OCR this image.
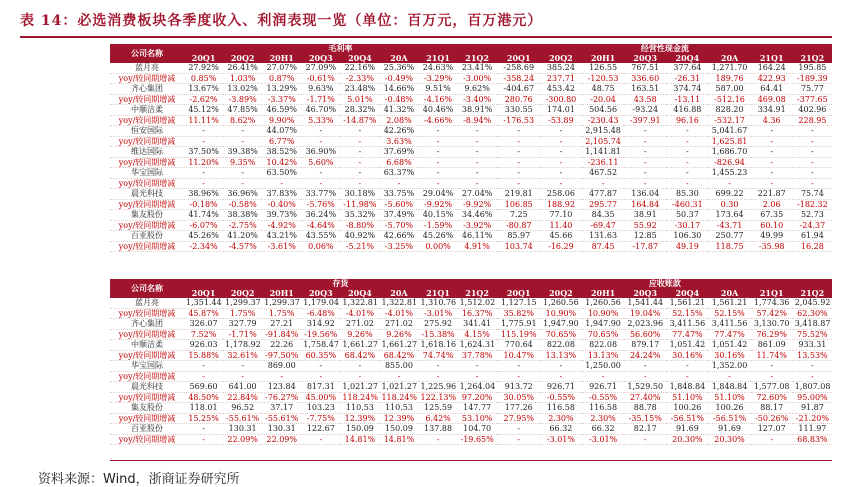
表 14：必选消费板块各季度收入、利润表现一览（单位：百万元，百万港元）
公司名称	毛利率								经营性现金流							
	20Q1	20Q2	20H1	20Q3	20Q4	20A	21Q1	21Q2	20Q1	20Q2	20H1	20Q3	20Q4	20A	21Q1	21Q2
蓝月亮	27.92%	26.41%	27.07%	27.09%	22.16%	25.36%	24.63%	23.41%		-258.69	385.24	126.55	767.51	377.64	1,271.70	164.24	195.85
yoy/较同期增减	0.85%	1.03%	0.87%	-0.61%	-2.33%	-0.49%	-3.29%	-3.00%		-358.24	237.71	-120.53	336.60	-26.31	189.76	422.93	-189.39
齐心集团	13.67%	13.02%	13.29%	9.63%	23.48%	14.66%	9.51%	9.62%		-404.67	453.42	48.75	163.51	374.74	587.00	64.41	75.77
yoy/较同期增减	-2.62%	-3.89%	-3.37%	-1.71%	5.01%	-0.48%	-4.16%	-3.40%		280.76	-300.80	-20.04	43.58	-13.11	-512.16	469.08	-377.65
中顺洁柔	45.12%	47.85%	46.59%	46.70%	28.32%	41.32%	40.46%	38.91%		330.55	174.01	504.56	-93.24	416.88	828.20	334.91	402.96
yoy/较同期增减	11.11%	8.62%	9.90%	5.33%	-14.87%	2.08%	-4.66%	-8.94%		-176.53	-53.89	-230.43	-397.91	96.16	-532.17	4.36	228.95
恒安国际	-	-	44.07%	-	-	42.26%	-	-		-	-	2,915.48	-	-	5,041.67	-	-
yoy/较同期增减	-	-	6.77%	-	-	3.63%	-	-		-	-	2,105.74	-	-	1,625.81	-	-
维达国际	37.50%	39.38%	38.52%	36.90%	-	37.69%	-	-		-	-	1,141.81	-	-	1,686.70	-	-
yoy/较同期增减	11.20%	9.35%	10.42%	5.60%	-	6.68%	-	-		-	-	-236.11	-	-	-826.94	-	-
华宝国际	-	-	63.50%	-	-	63.37%	-	-		-	-	467.52	-	-	1,455.23	-	-
yoy/较同期增减	-	-	-	-	-	-	-	-		-	-	-	-	-	-	-	-
晨光科技	38.96%	36.96%	37.83%	33.77%	30.18%	33.75%	29.04%	27.04%		219.81	258.06	477.87	136.04	85.30	699.22	221.87	75.74
yoy/较同期增减	-0.18%	-0.58%	-0.40%	-5.76%	-11.98%	-5.60%	-9.92%	-9.92%		106.85	188.92	295.77	164.84	-460.31	0.30	2.06	-182.32
集友股份	41.74%	38.38%	39.73%	36.24%	35.32%	37.49%	40.15%	34.46%		7.25	77.10	84.35	38.91	50.37	173.64	67.35	52.73
yoy/较同期增减	-6.07%	-2.75%	-4.92%	-4.64%	-8.80%	-5.70%	-1.59%	-3.92%		-80.87	11.40	-69.47	55.92	-30.17	-43.71	60.10	-24.37
百亚股份	45.26%	41.20%	43.21%	43.55%	40.92%	42.66%	45.26%	46.11%		85.97	45.66	131.63	12.85	106.30	250.77	49.99	61.94
yoy/较同期增减	-2.34%	-4.57%	-3.61%	0.06%	-5.21%	-3.25%	0.00%	4.91%		103.74	-16.29	87.45	-17.87	49.19	118.75	-35.98	16.28
公司名称	存货								应收账款							
	20Q1	20Q2	20H1	20Q3	20Q4	20A	21Q1	21Q2	20Q1	20Q2	20H1	20Q3	20Q4	20A	21Q1	21Q2
蓝月亮	1,351.44	1,299.37	1,299.37	1,179.04	1,322.81	1,322.81	1,310.76	1,512.02		1,127.15	1,260.56	1,260.56	1,541.44	1,561.21	1,561.21	1,774.36	2,045.92
yoy/较同期增减	45.87%	1.75%	1.75%	-6.48%	-4.01%	-4.01%	-3.01%	16.37%		35.82%	10.90%	10.90%	19.04%	52.15%	52.15%	57.42%	62.30%
齐心集团	326.07	327.79	27.21	314.92	271.02	271.02	275.92	341.41		1,775.91	1,947.90	1,947.90	2,023.96	3,411.56	3,411.56	3,130.70	3,418.87
yoy/较同期增减	7.52%	-1.71%	-91.84%	-19.56%	9.26%	9.26%	-15.38%	4.15%		115.19%	70.65%	70.65%	56.60%	77.47%	77.47%	76.29%	75.52%
中顺洁柔	926.03	1,178.92	22.26	1,758.47	1,661.27	1,661.27	1,618.16	1,624.31		770.64	822.08	822.08	879.17	1,051.42	1,051.42	861.09	933.31
yoy/较同期增减	15.88%	32.61%	-97.50%	60.35%	68.42%	68.42%	74.74%	37.78%		10.47%	13.13%	13.13%	24.24%	30.16%	30.16%	11.74%	13.53%
华宝国际	-	-	869.00	-	-	855.00	-	-		-	-	1,250.00	-	-	1,352.00	-	-
yoy/较同期增减	-	-	-	-	-	-	-	-		-	-	-	-	-	-	-	-
晨光科技	569.60	641.00	123.84	817.31	1,021.27	1,021.27	1,225.96	1,264.04		913.72	926.71	926.71	1,529.50	1,848.84	1,848.84	1,577.08	1,807.08
yoy/较同期增减	48.50%	22.84%	-76.27%	45.00%	118.24%	118.24%	122.13%	97.20%		30.05%	-0.55%	-0.55%	27.40%	51.10%	51.10%	72.60%	95.00%
集友股份	118.01	96.52	37.17	103.23	110.53	110.53	125.59	147.77		177.26	116.58	116.58	88.78	100.26	100.26	88.17	91.87
yoy/较同期增减	15.25%	-55.61%	-55.61%	-7.75%	12.39%	12.39%	6.42%	53.10%		27.95%	2.30%	2.30%	-35.15%	-56.51%	-56.51%	-50.26%	-21.20%
百亚股份	-	130.31	130.31	122.67	150.09	150.09	137.88	104.70		-	66.32	66.32	82.17	91.69	91.69	127.07	111.97
yoy/较同期增减	-	22.09%	22.09%	-	14.81%	14.81%	-	-19.65%		-	-3.01%	-3.01%	-	20.30%	20.30%	-	68.83%
资料来源：Wind，浙商证券研究所
